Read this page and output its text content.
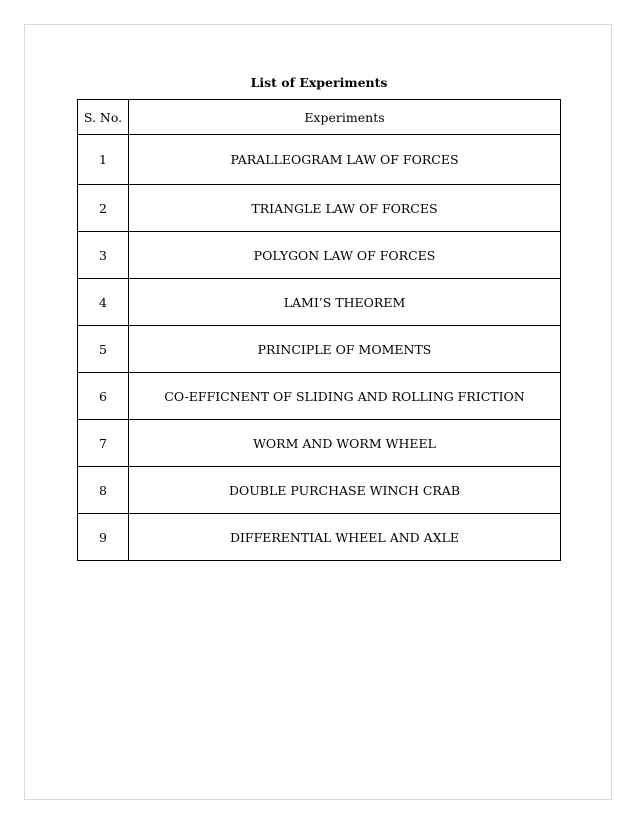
List of Experiments
S. No.	Experiments
1	PARALLEOGRAM LAW OF FORCES
2	TRIANGLE LAW OF FORCES
3	POLYGON LAW OF FORCES
4	LAMI’S THEOREM
5	PRINCIPLE OF MOMENTS
6	CO-EFFICNENT OF SLIDING AND ROLLING FRICTION
7	WORM AND WORM WHEEL
8	DOUBLE PURCHASE WINCH CRAB
9	DIFFERENTIAL WHEEL AND AXLE
